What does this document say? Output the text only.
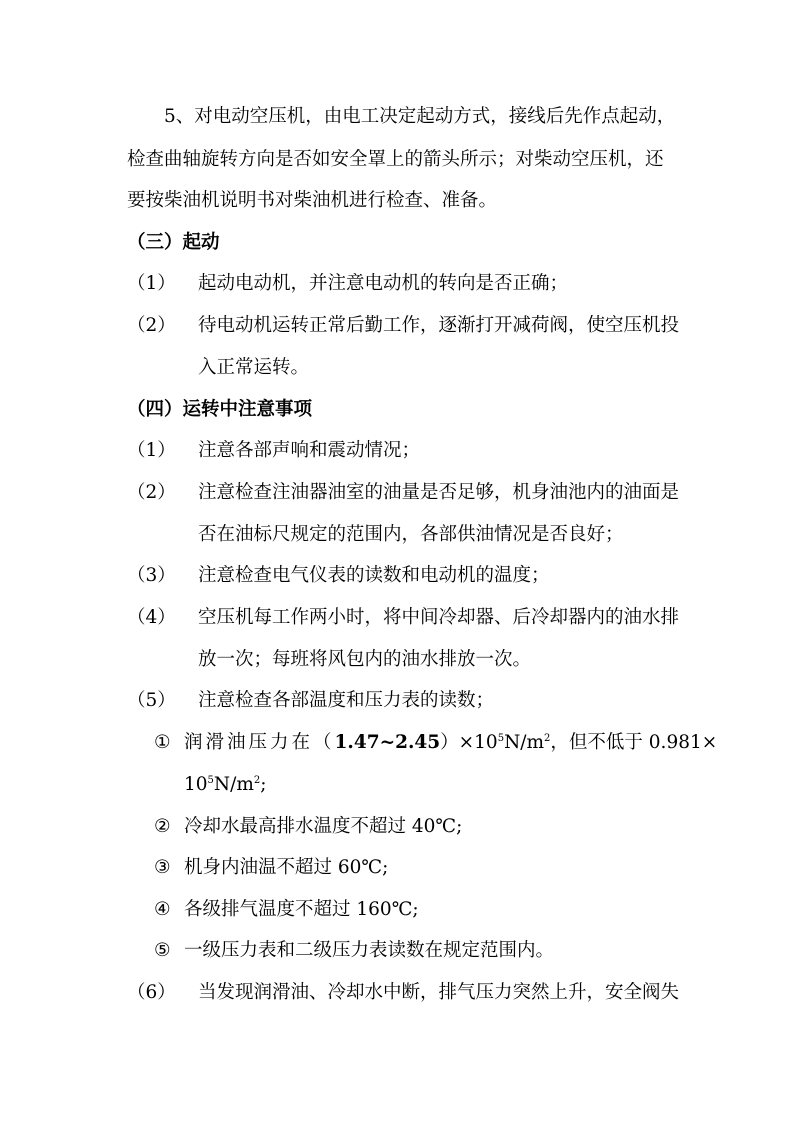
5、对电动空压机，由电工决定起动方式，接线后先作点起动，
检查曲轴旋转方向是否如安全罩上的箭头所示；对柴动空压机，还
要按柴油机说明书对柴油机进行检查、准备。
（三）起动
（1） 起动电动机，并注意电动机的转向是否正确；
（2） 待电动机运转正常后勤工作，逐渐打开减荷阀，使空压机投
入正常运转。
（四）运转中注意事项
（1） 注意各部声响和震动情况；
（2） 注意检查注油器油室的油量是否足够，机身油池内的油面是
否在油标尺规定的范围内，各部供油情况是否良好；
（3） 注意检查电气仪表的读数和电动机的温度；
（4） 空压机每工作两小时，将中间冷却器、后冷却器内的油水排
放一次；每班将风包内的油水排放一次。
（5） 注意检查各部温度和压力表的读数；
① 润滑油压力在$(1.47\sim 2.45)\times 10^5N/m^2$，但不低于 0.981×
$10^5N/m^2$;
② 冷却水最高排水温度不超过 40℃;
③ 机身内油温不超过 60℃;
④ 各级排气温度不超过 160℃;
⑤ 一级压力表和二级压力表读数在规定范围内。
（6） 当发现润滑油、冷却水中断，排气压力突然上升，安全阀失
